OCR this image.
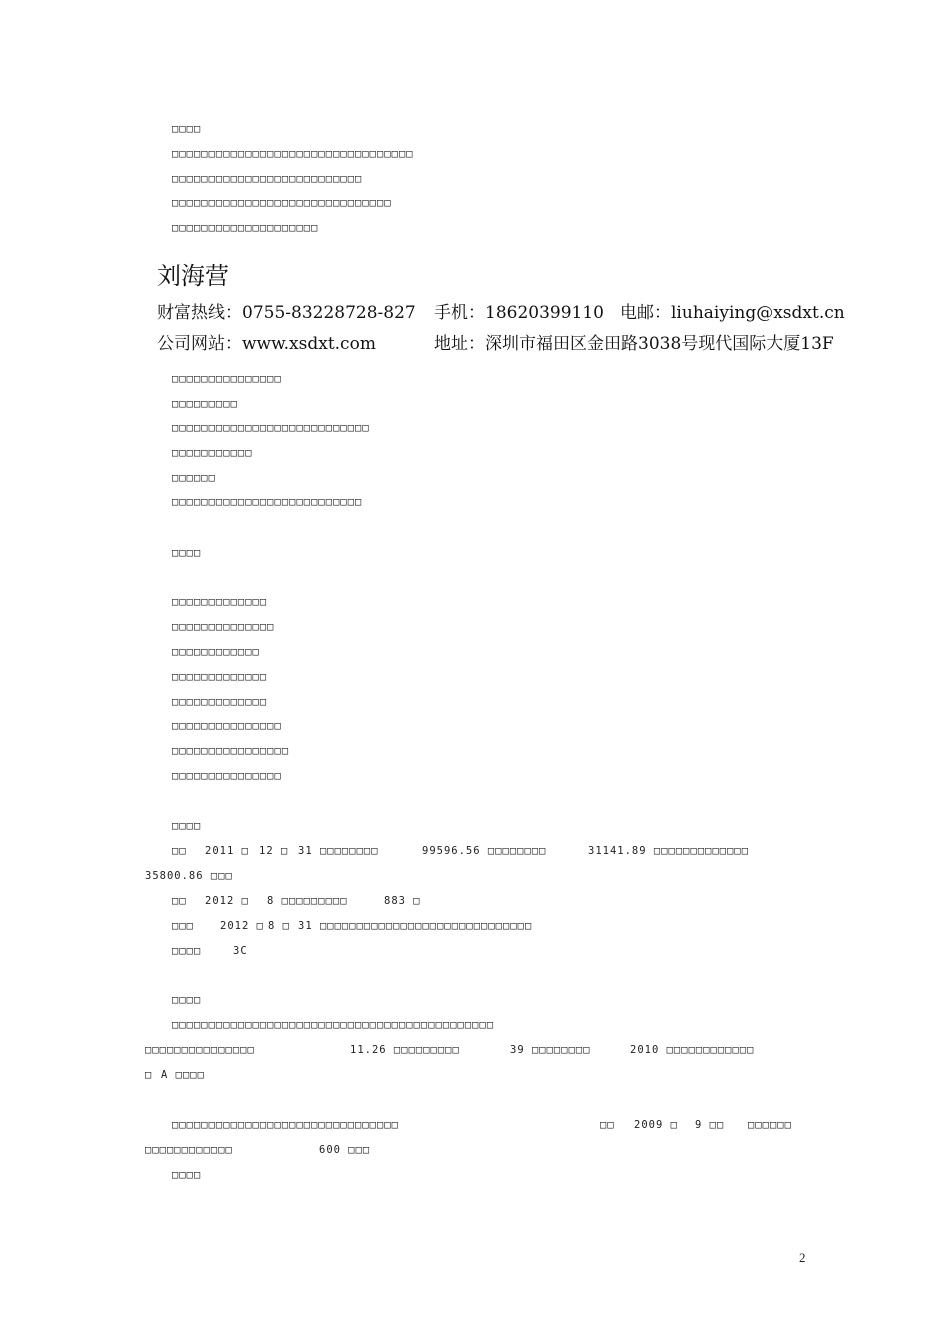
□□□□
□□□□□□□□□□□□□□□□□□□□□□□□□□□□□□□□□
□□□□□□□□□□□□□□□□□□□□□□□□□□
□□□□□□□□□□□□□□□□□□□□□□□□□□□□□□
□□□□□□□□□□□□□□□□□□□□
刘海营
财富热线：0755-83228728-827 手机：18620399110 电邮：liuhaiying@xsdxt.cn
公司网站：www.xsdxt.com	地址：深圳市福田区金田路3038号现代国际大厦13F
□□□□□□□□□□□□□□□
□□□□□□□□□
□□□□□□□□□□□□□□□□□□□□□□□□□□□
□□□□□□□□□□□
□□□□□□
□□□□□□□□□□□□□□□□□□□□□□□□□□
□□□□
□□□□□□□□□□□□□
□□□□□□□□□□□□□□
□□□□□□□□□□□□
□□□□□□□□□□□□□
□□□□□□□□□□□□□
□□□□□□□□□□□□□□□
□□□□□□□□□□□□□□□□
□□□□□□□□□□□□□□□
□□□□
□□ 2011 □ 12 □ 31 □□□□□□□□	99596.56 □□□□□□□□	31141.89 □□□□□□□□□□□□□
35800.86 □□□
□□ 2012 □ 8 □□□□□□□□□	883 □
□□□ 2012 □ 8 □ 31 □□□□□□□□□□□□□□□□□□□□□□□□□□□□□
□□□□	3C
□□□□
□□□□□□□□□□□□□□□□□□□□□□□□□□□□□□□□□□□□□□□□□□□□
□□□□□□□□□□□□□□□	11.26 □□□□□□□□□	39 □□□□□□□□	2010 □□□□□□□□□□□□
□ A □□□□
□□□□□□□□□□□□□□□□□□□□□□□□□□□□□□□	□□ 2009 □ 9 □□ □□□□□□
□□□□□□□□□□□□	600 □□□
□□□□
2
